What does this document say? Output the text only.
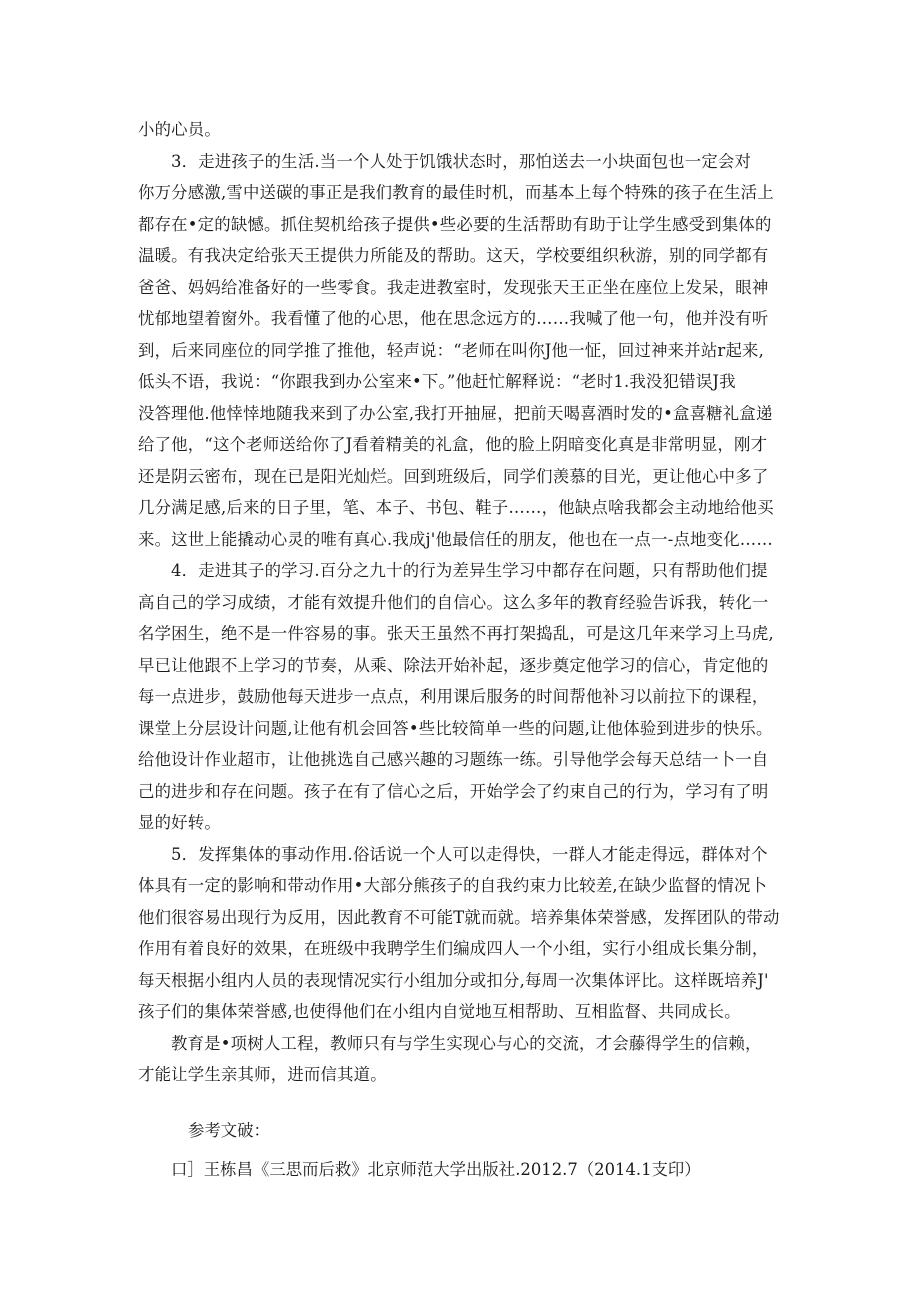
小的心员。
3．走进孩子的生活.当一个人处于饥饿状态时，那怕送去一小块面包也一定会对
你万分感激,雪中送碳的事正是我们教育的最佳时机，而基本上每个特殊的孩子在生活上
都存在•定的缺憾。抓住契机给孩子提供•些必要的生活帮助有助于让学生感受到集体的
温暖。有我决定给张天王提供力所能及的帮助。这天，学校要组织秋游，别的同学都有
爸爸、妈妈给准备好的一些零食。我走进教室时，发现张天王正坐在座位上发呆，眼神
忧郁地望着窗外。我看懂了他的心思，他在思念远方的……我喊了他一句，他并没有听
到，后来同座位的同学推了推他，轻声说：“老师在叫你J他一怔，回过神来并站r起来,
低头不语，我说：“你跟我到办公室来•下。”他赶忙解释说：“老时1.我没犯错误J我
没答理他.他悻悻地随我来到了办公室,我打开抽屉，把前天喝喜酒时发的•盒喜糖礼盒递
给了他，“这个老师送给你了J看着精美的礼盒，他的脸上阴暗变化真是非常明显，刚才
还是阴云密布，现在已是阳光灿烂。回到班级后，同学们羡慕的目光，更让他心中多了
几分满足感,后来的日子里，笔、本子、书包、鞋子……，他缺点啥我都会主动地给他买
来。这世上能撬动心灵的唯有真心.我成j'他最信任的朋友，他也在一点一-点地变化……
4．走进其子的学习.百分之九十的行为差异生学习中都存在问题，只有帮助他们提
高自己的学习成绩，才能有效提升他们的自信心。这么多年的教育经验告诉我，转化一
名学困生，绝不是一件容易的事。张天王虽然不再打架捣乱，可是这几年来学习上马虎,
早已让他跟不上学习的节奏，从乘、除法开始补起，逐步奠定他学习的信心，肯定他的
每一点进步，鼓励他每天进步一点点，利用课后服务的时间帮他补习以前拉下的课程，
课堂上分层设计问题,让他有机会回答•些比较简单一些的问题,让他体验到进步的快乐。
给他设计作业超市，让他挑选自己感兴趣的习题练一练。引导他学会每天总结一卜一自
己的进步和存在问题。孩子在有了信心之后，开始学会了约束自己的行为，学习有了明
显的好转。
5．发挥集体的事动作用.俗话说一个人可以走得快，一群人才能走得远，群体对个
体具有一定的影响和带动作用•大部分熊孩子的自我约束力比较差,在缺少监督的情况卜
他们很容易出现行为反用，因此教育不可能T就而就。培养集体荣誉感，发挥团队的带动
作用有着良好的效果，在班级中我聘学生们编成四人一个小组，实行小组成长集分制，
每天根据小组内人员的表现情况实行小组加分或扣分,每周一次集体评比。这样既培养J'
孩子们的集体荣誉感,也使得他们在小组内自觉地互相帮助、互相监督、共同成长。
教育是•项树人工程，教师只有与学生实现心与心的交流，才会藤得学生的信赖，
才能让学生亲其师，进而信其道。
参考文破：
口］王栋昌《三思而后救》北京师范大学出版社.2012.7（2014.1支印）
